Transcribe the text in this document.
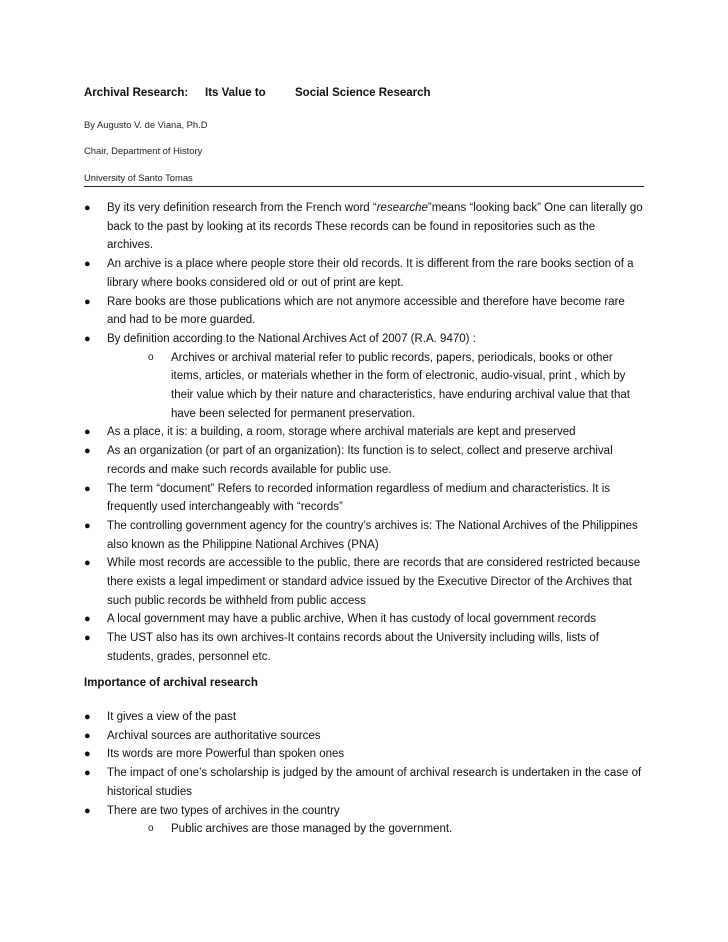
Archival Research: Its Value to	Social Science Research
By Augusto V. de Viana, Ph.D
Chair, Department of History
University of Santo Tomas
● By its very definition research from the French word “researche”means “looking back” One can literally go back to the past by looking at its records These records can be found in repositories such as the archives.
● An archive is a place where people store their old records. It is different from the rare books section of a library where books considered old or out of print are kept.
● Rare books are those publications which are not anymore accessible and therefore have become rare and had to be more guarded.
● By definition according to the National Archives Act of 2007 (R.A. 9470) :
o	Archives or archival material refer to public records, papers, periodicals, books or other items, articles, or materials whether in the form of electronic, audio-visual, print , which by their value which by their nature and characteristics, have enduring archival value that that have been selected for permanent preservation.
● As a place, it is: a building, a room, storage where archival materials are kept and preserved
● As an organization (or part of an organization): Its function is to select, collect and preserve archival records and make such records available for public use.
● The term “document” Refers to recorded information regardless of medium and characteristics. It is frequently used interchangeably with “records”
● The controlling government agency for the country’s archives is: The National Archives of the Philippines also known as the Philippine National Archives (PNA)
● While most records are accessible to the public, there are records that are considered restricted because there exists a legal impediment or standard advice issued by the Executive Director of the Archives that such public records be withheld from public access
● A local government may have a public archive, When it has custody of local government records
● The UST also has its own archives-It contains records about the University including wills, lists of students, grades, personnel etc.
Importance of archival research
● It gives a view of the past
● Archival sources are authoritative sources
● Its words are more Powerful than spoken ones
● The impact of one’s scholarship is judged by the amount of archival research is undertaken in the case of historical studies
● There are two types of archives in the country
o	Public archives are those managed by the government.
